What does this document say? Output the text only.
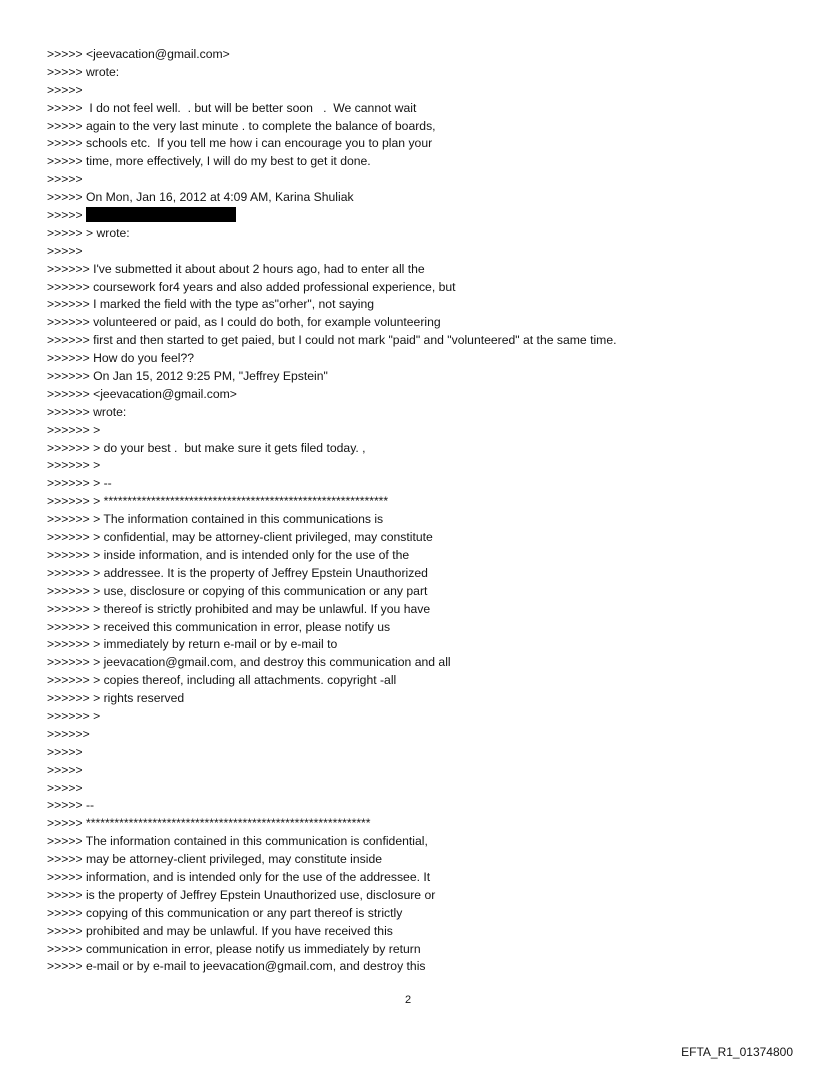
>>>>> <jeevacation@gmail.com>
>>>>> wrote:
>>>>>
>>>>>  I do not feel well.  . but will be better soon   .  We cannot wait
>>>>> again to the very last minute . to complete the balance of boards,
>>>>> schools etc.  If you tell me how i can encourage you to plan your
>>>>> time, more effectively, I will do my best to get it done.
>>>>>
>>>>> On Mon, Jan 16, 2012 at 4:09 AM, Karina Shuliak
>>>>>
>>>>> > wrote:
>>>>>
>>>>>> I've submetted it about about 2 hours ago, had to enter all the
>>>>>> coursework for4 years and also added professional experience, but
>>>>>> I marked the field with the type as"orher", not saying
>>>>>> volunteered or paid, as I could do both, for example volunteering
>>>>>> first and then started to get paied, but I could not mark "paid" and "volunteered" at the same time.
>>>>>> How do you feel??
>>>>>> On Jan 15, 2012 9:25 PM, "Jeffrey Epstein"
>>>>>> <jeevacation@gmail.com>
>>>>>> wrote:
>>>>>> >
>>>>>> > do your best .  but make sure it gets filed today. ,
>>>>>> >
>>>>>> > --
>>>>>> > ************************************************************
>>>>>> > The information contained in this communications is
>>>>>> > confidential, may be attorney-client privileged, may constitute
>>>>>> > inside information, and is intended only for the use of the
>>>>>> > addressee. It is the property of Jeffrey Epstein Unauthorized
>>>>>> > use, disclosure or copying of this communication or any part
>>>>>> > thereof is strictly prohibited and may be unlawful. If you have
>>>>>> > received this communication in error, please notify us
>>>>>> > immediately by return e-mail or by e-mail to
>>>>>> > jeevacation@gmail.com, and destroy this communication and all
>>>>>> > copies thereof, including all attachments. copyright -all
>>>>>> > rights reserved
>>>>>> >
>>>>>>
>>>>>
>>>>>
>>>>>
>>>>> --
>>>>> ************************************************************
>>>>> The information contained in this communication is confidential,
>>>>> may be attorney-client privileged, may constitute inside
>>>>> information, and is intended only for the use of the addressee. It
>>>>> is the property of Jeffrey Epstein Unauthorized use, disclosure or
>>>>> copying of this communication or any part thereof is strictly
>>>>> prohibited and may be unlawful. If you have received this
>>>>> communication in error, please notify us immediately by return
>>>>> e-mail or by e-mail to jeevacation@gmail.com, and destroy this
2
EFTA_R1_01374800
